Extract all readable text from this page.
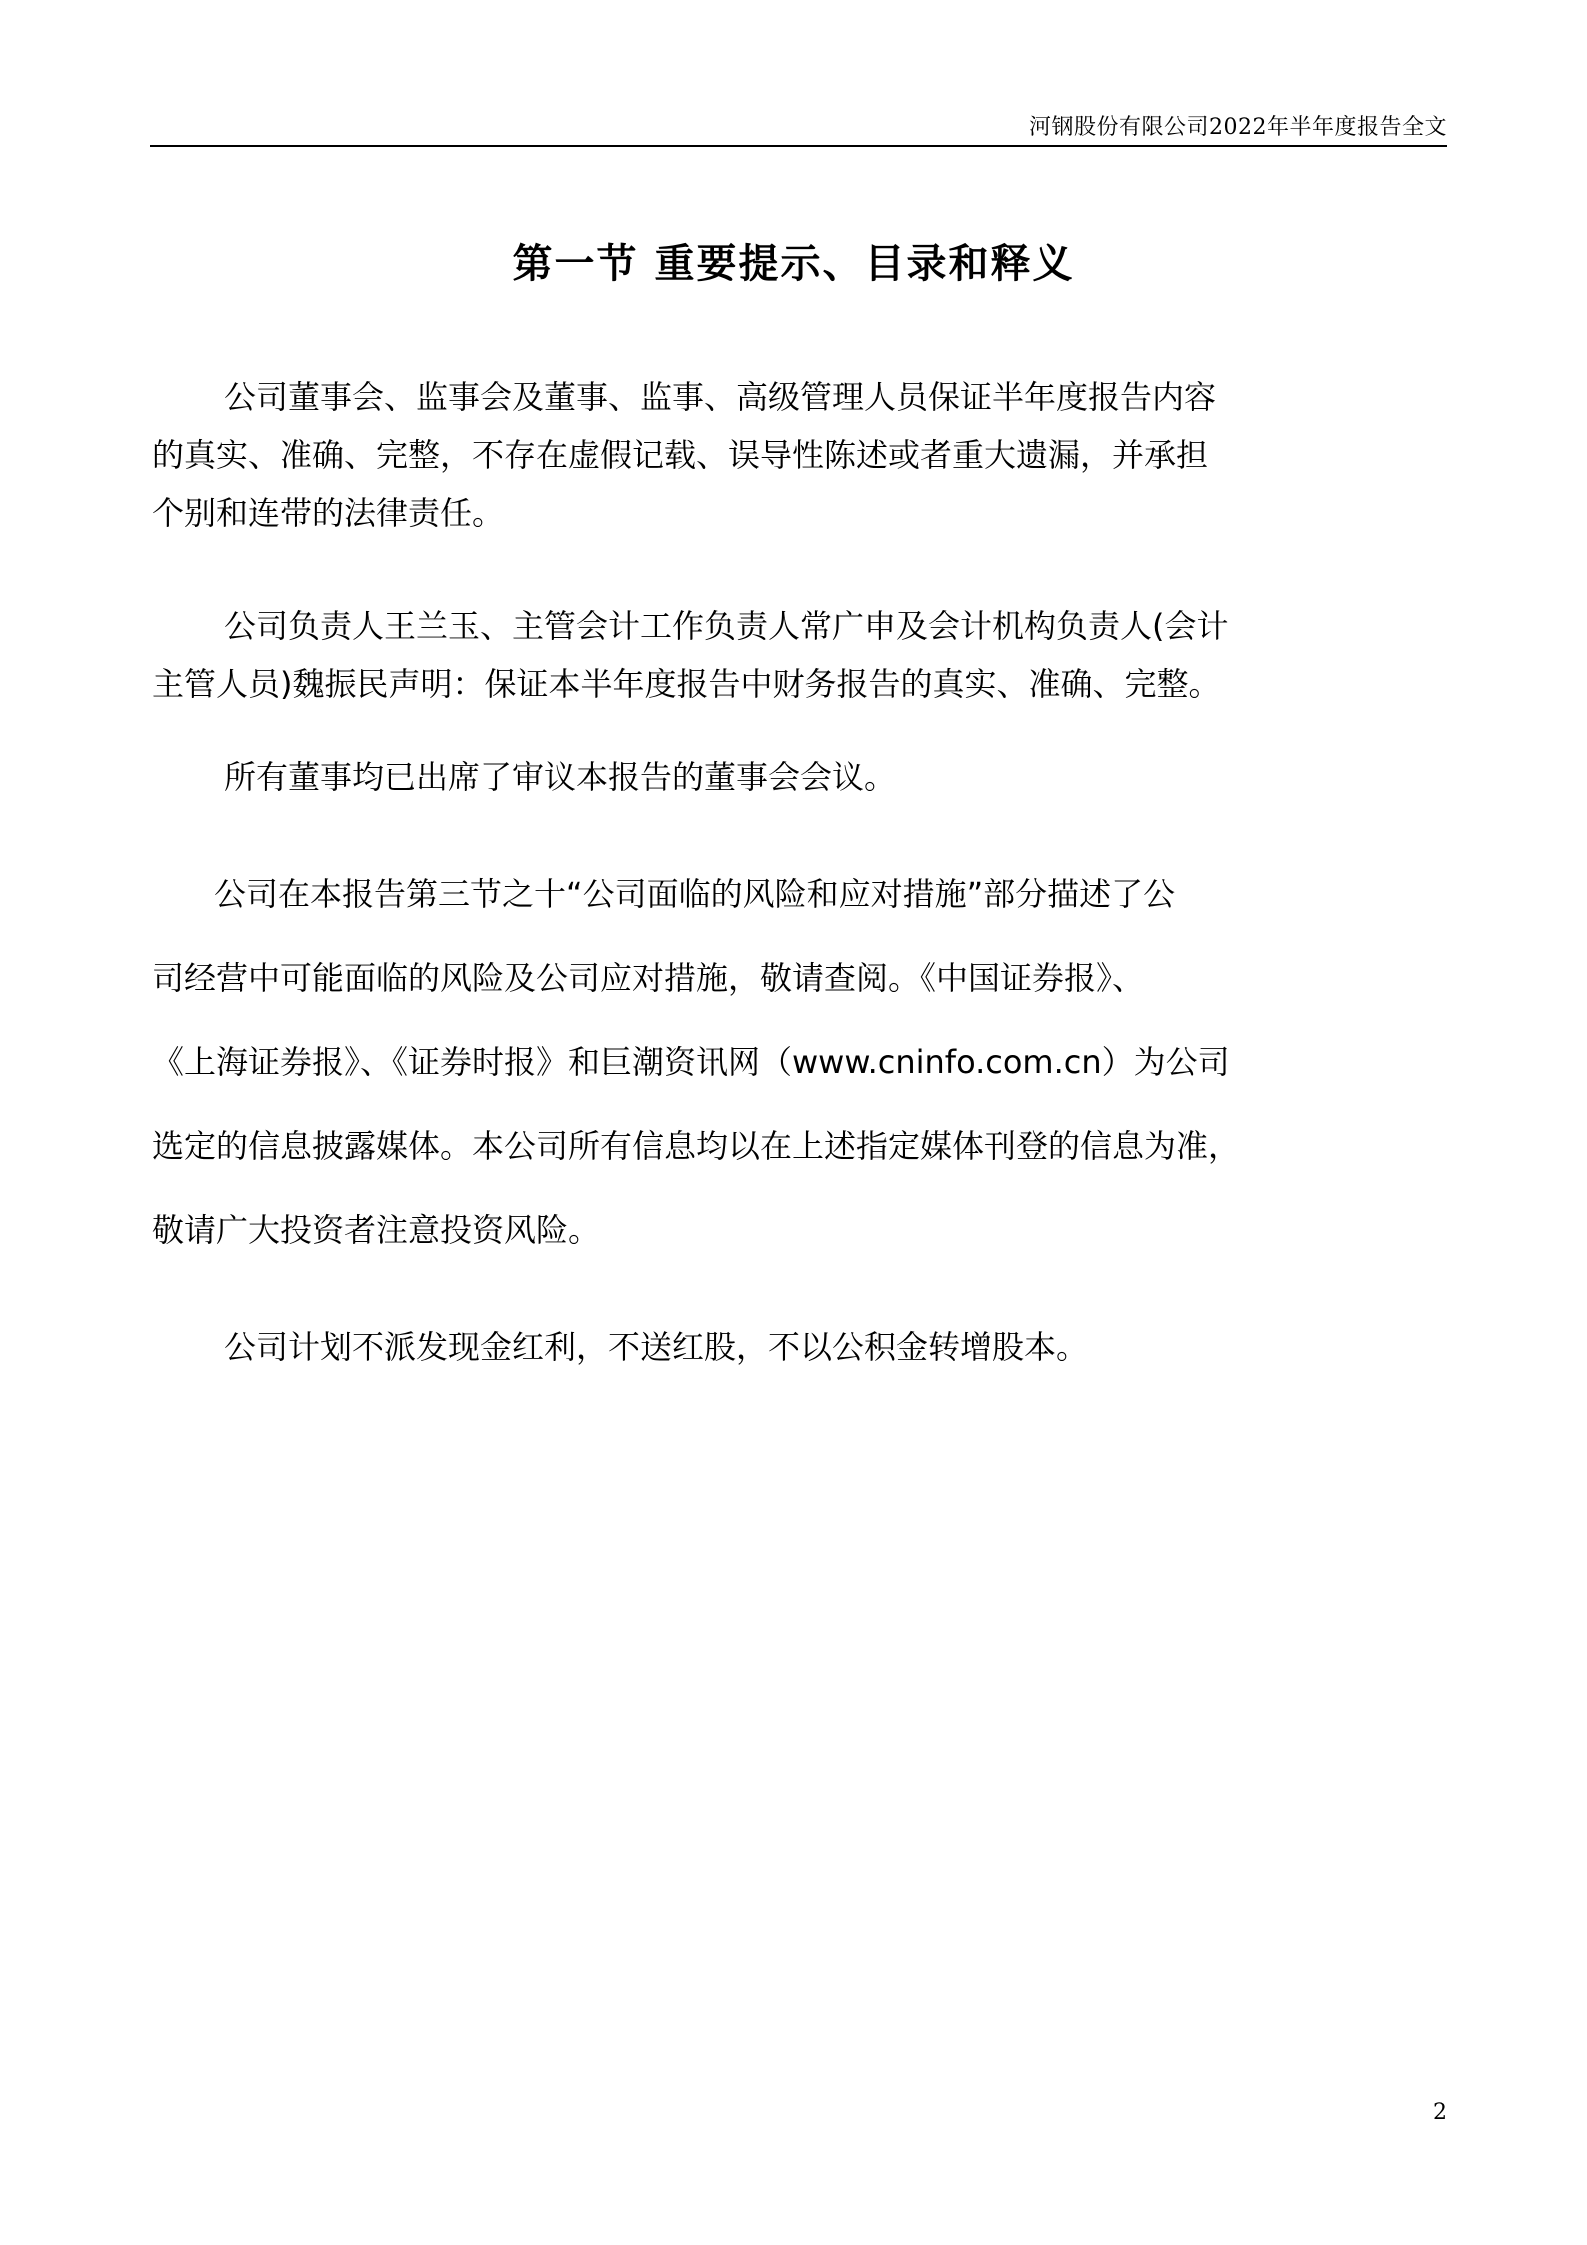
河钢股份有限公司2022年半年度报告全文
第一节 重要提示、目录和释义
公司董事会、监事会及董事、监事、高级管理人员保证半年度报告内容
的真实、准确、完整，不存在虚假记载、误导性陈述或者重大遗漏，并承担
个别和连带的法律责任。
公司负责人王兰玉、主管会计工作负责人常广申及会计机构负责人(会计
主管人员)魏振民声明：保证本半年度报告中财务报告的真实、准确、完整。
所有董事均已出席了审议本报告的董事会会议。
公司在本报告第三节之十“公司面临的风险和应对措施”部分描述了公
司经营中可能面临的风险及公司应对措施，敬请查阅。《中国证券报》、
《上海证券报》、《证券时报》和巨潮资讯网（www.cninfo.com.cn）为公司
选定的信息披露媒体。本公司所有信息均以在上述指定媒体刊登的信息为准，
敬请广大投资者注意投资风险。
公司计划不派发现金红利，不送红股，不以公积金转增股本。
2
